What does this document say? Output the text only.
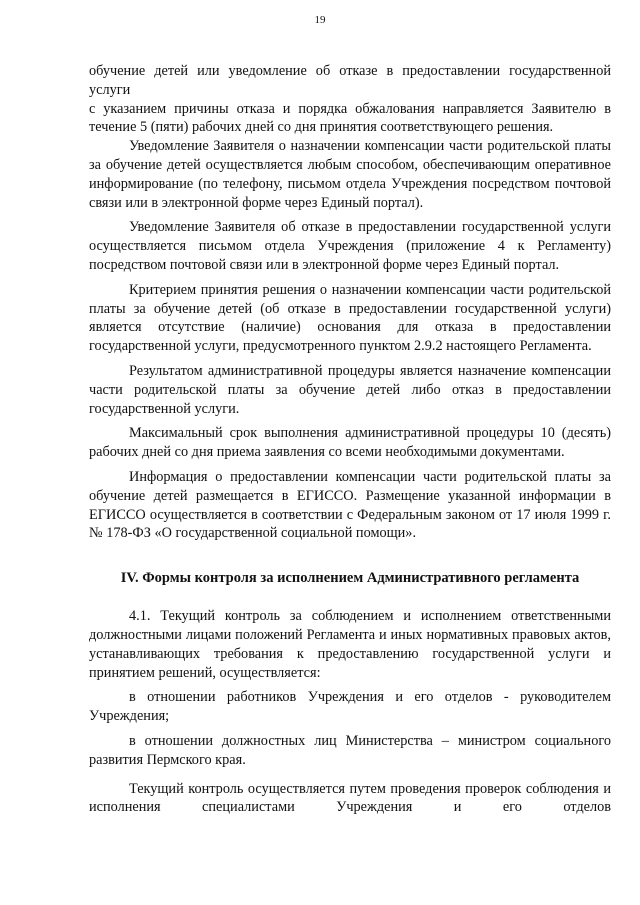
19

обучение детей или уведомление об отказе в предоставлении государственной услуги

с указанием причины отказа и порядка обжалования направляется Заявителю в течение 5 (пяти) рабочих дней со дня принятия соответствующего решения.

Уведомление Заявителя о назначении компенсации части родительской платы за обучение детей осуществляется любым способом, обеспечивающим оперативное информирование (по телефону, письмом отдела Учреждения посредством почтовой связи или в электронной форме через Единый портал).

Уведомление Заявителя об отказе в предоставлении государственной услуги осуществляется письмом отдела Учреждения (приложение 4 к Регламенту) посредством почтовой связи или в электронной форме через Единый портал.

Критерием принятия решения о назначении компенсации части родительской платы за обучение детей (об отказе в предоставлении государственной услуги) является отсутствие (наличие) основания для отказа в предоставлении государственной услуги, предусмотренного пунктом 2.9.2 настоящего Регламента.

Результатом административной процедуры является назначение компенсации части родительской платы за обучение детей либо отказ в предоставлении государственной услуги.

Максимальный срок выполнения административной процедуры 10 (десять) рабочих дней со дня приема заявления со всеми необходимыми документами.

Информация о предоставлении компенсации части родительской платы за обучение детей размещается в ЕГИССО. Размещение указанной информации в ЕГИССО осуществляется в соответствии с Федеральным законом от 17 июля 1999 г. № 178-ФЗ «О государственной социальной помощи».

IV. Формы контроля за исполнением Административного регламента

4.1. Текущий контроль за соблюдением и исполнением ответственными должностными лицами положений Регламента и иных нормативных правовых актов, устанавливающих требования к предоставлению государственной услуги и принятием решений, осуществляется:

в отношении работников Учреждения и его отделов - руководителем Учреждения;

в отношении должностных лиц Министерства – министром социального развития Пермского края.

Текущий контроль осуществляется путем проведения проверок соблюдения и исполнения специалистами Учреждения и его отделов
